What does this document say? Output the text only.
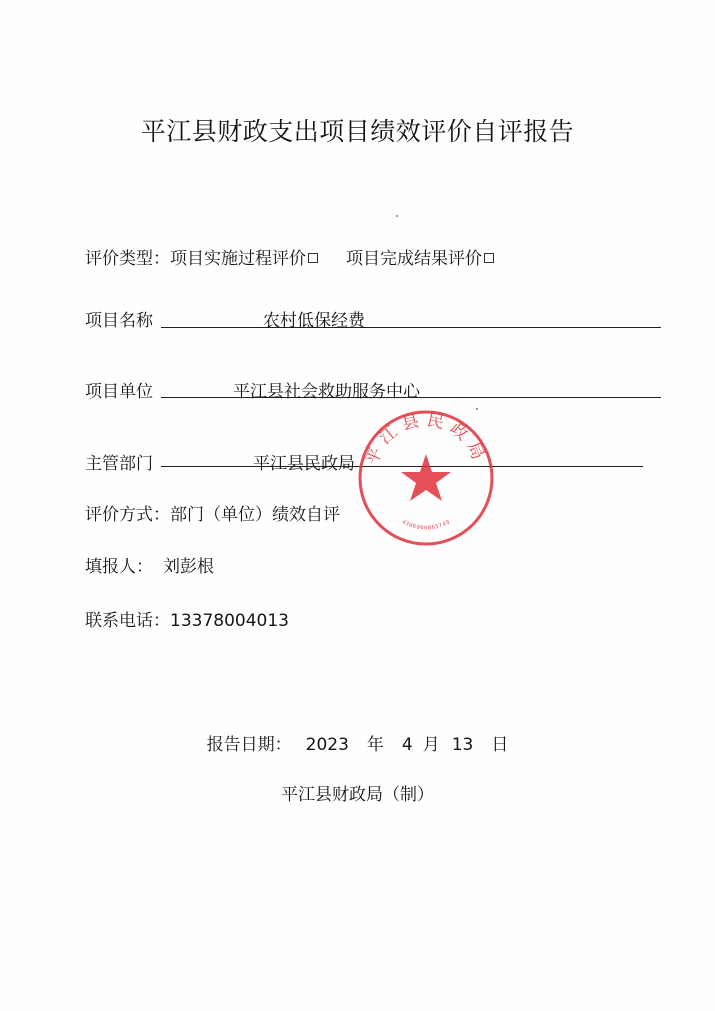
平江县财政支出项目绩效评价自评报告
评价类型：项目实施过程评价 项目完成结果评价
项目名称	农村低保经费
项目单位	平江县社会救助服务中心
主管部门	平江县民政局
评价方式：部门（单位）绩效自评
填报人： 刘彭根
联系电话：13378004013
报告日期： 2023 年 4 月 13 日
平江县财政局（制）
平江县民政局
4306000065749
